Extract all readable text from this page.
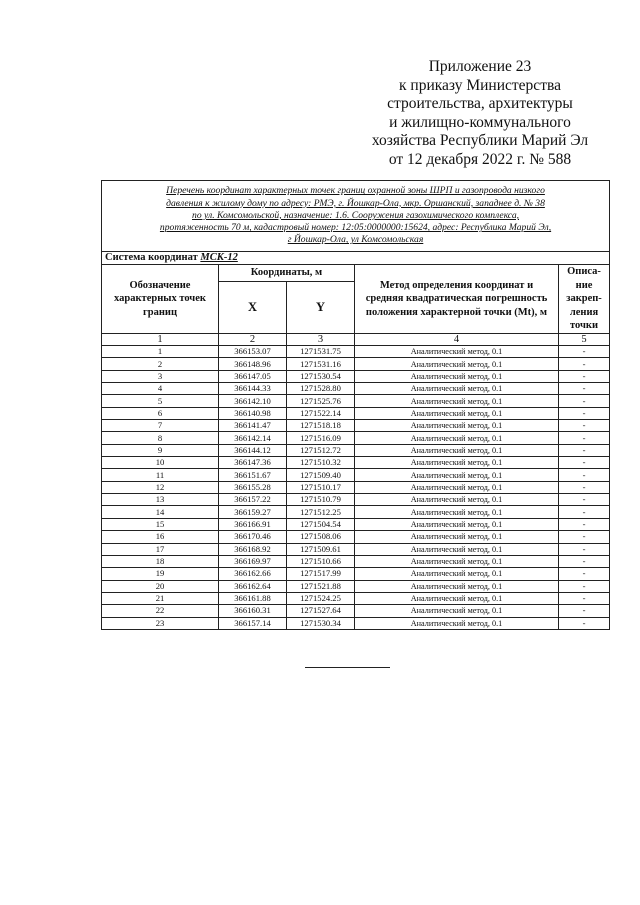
Приложение 23
к приказу Министерства
строительства, архитектуры
и жилищно-коммунального
хозяйства Республики Марий Эл
от 12 декабря 2022 г. № 588
Перечень координат характерных точек границ охранной зоны ШРП и газопровода низкого
давления к жилому дому по адресу: РМЭ, г. Йошкар-Ола, мкр. Оршанский, западнее д. № 38
по ул. Комсомольской, назначение: 1.6. Сооружения газохимического комплекса,
протяженность 70 м, кадастровый номер: 12:05:0000000:15624, адрес: Республика Марий Эл,
г Йошкар-Ола, ул Комсомольская				

Система координат МСК-12				
Обозначение характерных точек границ	Координаты, м		Метод определения координат и средняя квадратическая погрешность положения характерной точки (Mt), м	Описа-ние закреп-ления точки
	X	Y		
1	2	3	4	5
1	366153.07	1271531.75	Аналитический метод, 0.1	-
2	366148.96	1271531.16	Аналитический метод, 0.1	-
3	366147.05	1271530.54	Аналитический метод, 0.1	-
4	366144.33	1271528.80	Аналитический метод, 0.1	-
5	366142.10	1271525.76	Аналитический метод, 0.1	-
6	366140.98	1271522.14	Аналитический метод, 0.1	-
7	366141.47	1271518.18	Аналитический метод, 0.1	-
8	366142.14	1271516.09	Аналитический метод, 0.1	-
9	366144.12	1271512.72	Аналитический метод, 0.1	-
10	366147.36	1271510.32	Аналитический метод, 0.1	-
11	366151.67	1271509.40	Аналитический метод, 0.1	-
12	366155.28	1271510.17	Аналитический метод, 0.1	-
13	366157.22	1271510.79	Аналитический метод, 0.1	-
14	366159.27	1271512.25	Аналитический метод, 0.1	-
15	366166.91	1271504.54	Аналитический метод, 0.1	-
16	366170.46	1271508.06	Аналитический метод, 0.1	-
17	366168.92	1271509.61	Аналитический метод, 0.1	-
18	366169.97	1271510.66	Аналитический метод, 0.1	-
19	366162.66	1271517.99	Аналитический метод, 0.1	-
20	366162.64	1271521.88	Аналитический метод, 0.1	-
21	366161.88	1271524.25	Аналитический метод, 0.1	-
22	366160.31	1271527.64	Аналитический метод, 0.1	-
23	366157.14	1271530.34	Аналитический метод, 0.1	-
